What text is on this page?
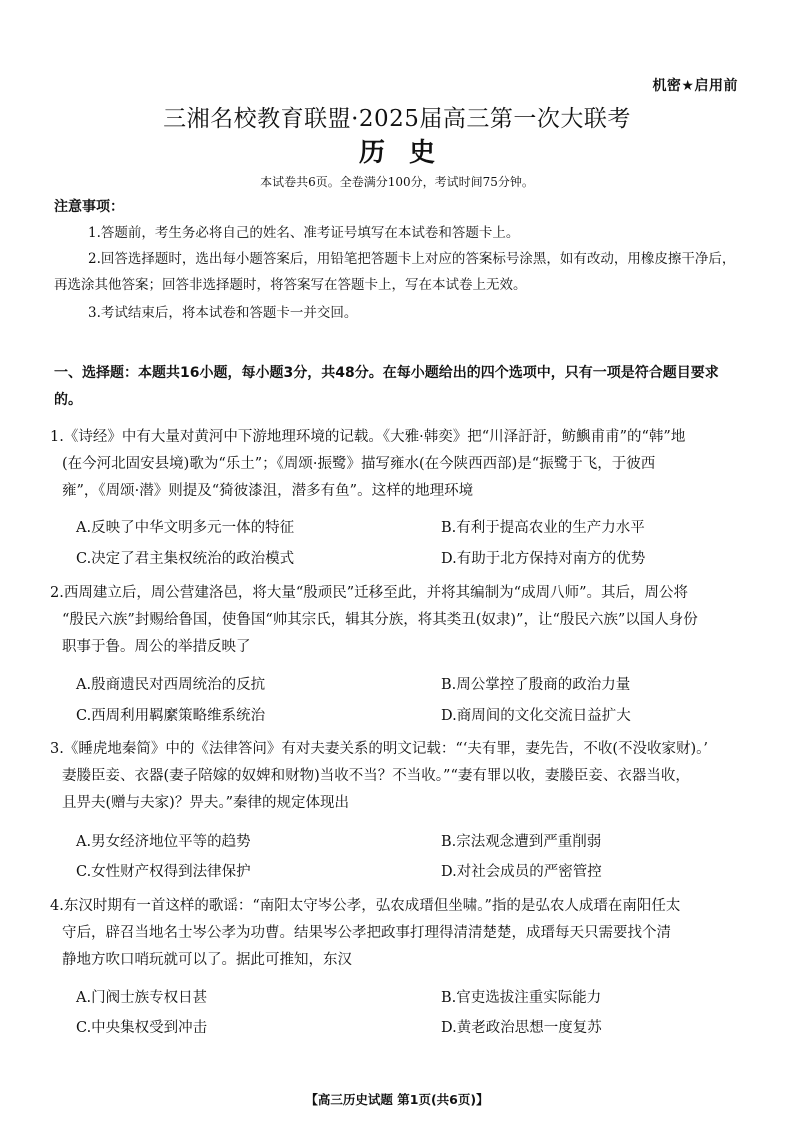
机密★启用前
三湘名校教育联盟·2025届高三第一次大联考
历史
本试卷共6页。全卷满分100分，考试时间75分钟。
注意事项：
1.答题前，考生务必将自己的姓名、准考证号填写在本试卷和答题卡上。
2.回答选择题时，选出每小题答案后，用铅笔把答题卡上对应的答案标号涂黑，如有改动，用橡皮擦干净后，再选涂其他答案；回答非选择题时，将答案写在答题卡上，写在本试卷上无效。
3.考试结束后，将本试卷和答题卡一并交回。
一、选择题：本题共16小题，每小题3分，共48分。在每小题给出的四个选项中，只有一项是符合题目要求的。
1.《诗经》中有大量对黄河中下游地理环境的记载。《大雅·韩奕》把“川泽訏訏，鲂鱮甫甫”的“韩”地
(在今河北固安县境)歌为“乐土”；《周颂·振鹭》描写雍水(在今陕西西部)是“振鹭于飞，于彼西
雍”，《周颂·潜》则提及“猗彼漆沮，潜多有鱼”。这样的地理环境
A.反映了中华文明多元一体的特征	B.有利于提高农业的生产力水平
C.决定了君主集权统治的政治模式	D.有助于北方保持对南方的优势
2.西周建立后，周公营建洛邑，将大量“殷顽民”迁移至此，并将其编制为“成周八师”。其后，周公将
“殷民六族”封赐给鲁国，使鲁国“帅其宗氏，辑其分族，将其类丑(奴隶)”，让“殷民六族”以国人身份
职事于鲁。周公的举措反映了
A.殷商遗民对西周统治的反抗	B.周公掌控了殷商的政治力量
C.西周利用羁縻策略维系统治	D.商周间的文化交流日益扩大
3.《睡虎地秦简》中的《法律答问》有对夫妻关系的明文记载：“‘夫有罪，妻先告，不收(不没收家财)。’
妻媵臣妾、衣器(妻子陪嫁的奴婢和财物)当收不当？不当收。”“妻有罪以收，妻媵臣妾、衣器当收，
且畀夫(赠与夫家)？畀夫。”秦律的规定体现出
A.男女经济地位平等的趋势	B.宗法观念遭到严重削弱
C.女性财产权得到法律保护	D.对社会成员的严密管控
4.东汉时期有一首这样的歌谣：“南阳太守岑公孝，弘农成瑨但坐啸。”指的是弘农人成瑨在南阳任太
守后，辟召当地名士岑公孝为功曹。结果岑公孝把政事打理得清清楚楚，成瑨每天只需要找个清
静地方吹口哨玩就可以了。据此可推知，东汉
A.门阀士族专权日甚	B.官吏选拔注重实际能力
C.中央集权受到冲击	D.黄老政治思想一度复苏
【高三历史试题 第1页(共6页)】
